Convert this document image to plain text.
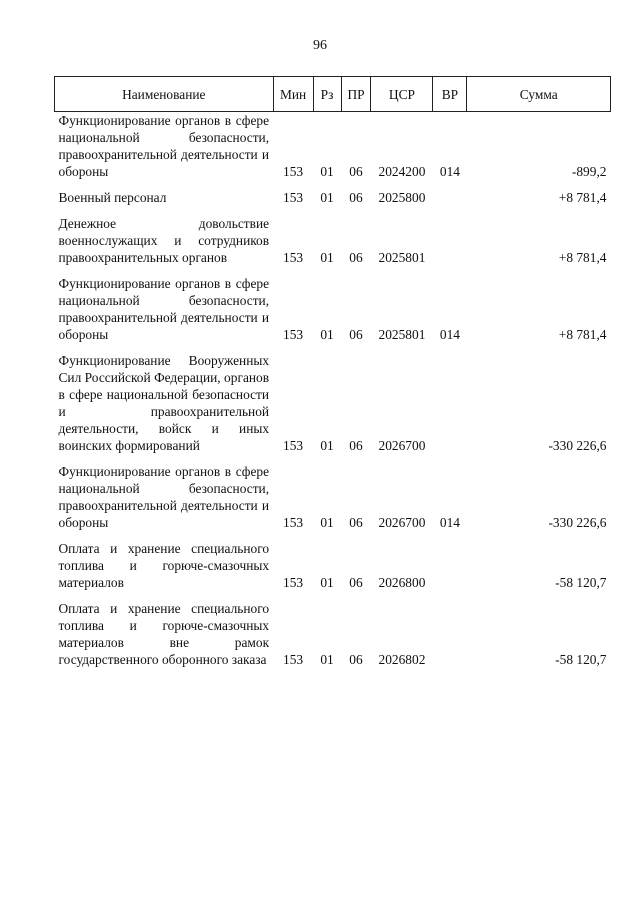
96
Наименование	Мин	Рз	ПР	ЦСР	ВР	Сумма
Функционирование органов в сфере национальной безопасности, правоохранительной деятельности и обороны	153	01	06	2024200	014	-899,2
Военный персонал	153	01	06	2025800		+8 781,4
Денежное довольствие военнослужащих и сотрудников правоохранительных органов	153	01	06	2025801		+8 781,4
Функционирование органов в сфере национальной безопасности, правоохранительной деятельности и обороны	153	01	06	2025801	014	+8 781,4
Функционирование Вооруженных Сил Российской Федерации, органов в сфере национальной безопасности и правоохранительной деятельности, войск и иных воинских формирований	153	01	06	2026700		-330 226,6
Функционирование органов в сфере национальной безопасности, правоохранительной деятельности и обороны	153	01	06	2026700	014	-330 226,6
Оплата и хранение специального топлива и горюче-смазочных материалов	153	01	06	2026800		-58 120,7
Оплата и хранение специального топлива и горюче-смазочных материалов вне рамок государственного оборонного заказа	153	01	06	2026802		-58 120,7
